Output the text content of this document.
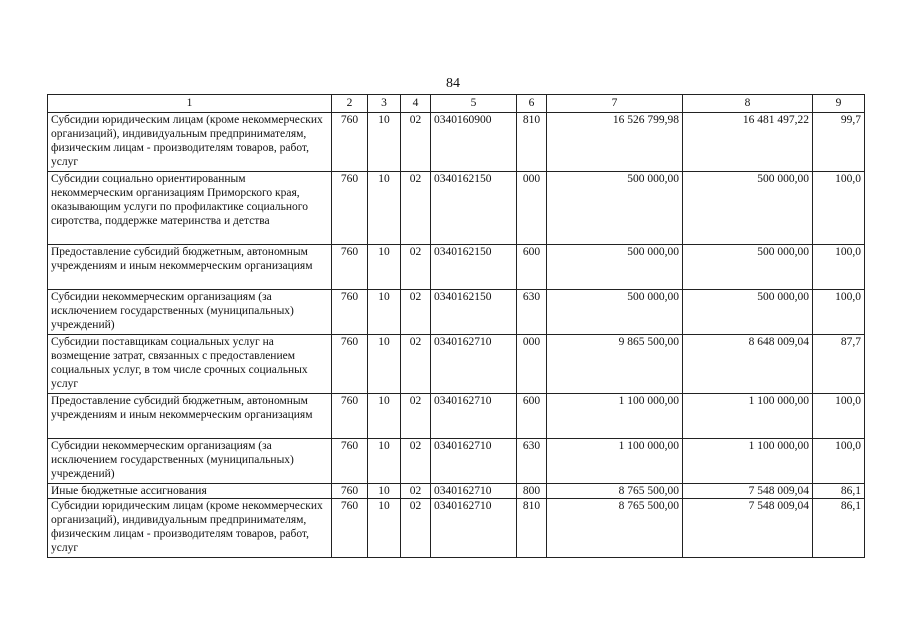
84
1	2	3	4	5	6	7	8	9
Субсидии юридическим лицам (кроме некоммерческих организаций), индивидуальным предпринимателям, физическим лицам - производителям товаров, работ, услуг	760	10	02	0340160900	810	16 526 799,98	16 481 497,22	99,7
Субсидии социально ориентированным некоммерческим организациям Приморского края, оказывающим услуги по профилактике социального сиротства, поддержке материнства и детства	760	10	02	0340162150	000	500 000,00	500 000,00	100,0
Предоставление субсидий бюджетным, автономным учреждениям и иным некоммерческим организациям	760	10	02	0340162150	600	500 000,00	500 000,00	100,0
Субсидии некоммерческим организациям (за исключением государственных (муниципальных) учреждений)	760	10	02	0340162150	630	500 000,00	500 000,00	100,0
Субсидии поставщикам социальных услуг на возмещение затрат, связанных с предоставлением социальных услуг, в том числе срочных социальных услуг	760	10	02	0340162710	000	9 865 500,00	8 648 009,04	87,7
Предоставление субсидий бюджетным, автономным учреждениям и иным некоммерческим организациям	760	10	02	0340162710	600	1 100 000,00	1 100 000,00	100,0
Субсидии некоммерческим организациям (за исключением государственных (муниципальных) учреждений)	760	10	02	0340162710	630	1 100 000,00	1 100 000,00	100,0
Иные бюджетные ассигнования	760	10	02	0340162710	800	8 765 500,00	7 548 009,04	86,1
Субсидии юридическим лицам (кроме некоммерческих организаций), индивидуальным предпринимателям, физическим лицам - производителям товаров, работ, услуг	760	10	02	0340162710	810	8 765 500,00	7 548 009,04	86,1
